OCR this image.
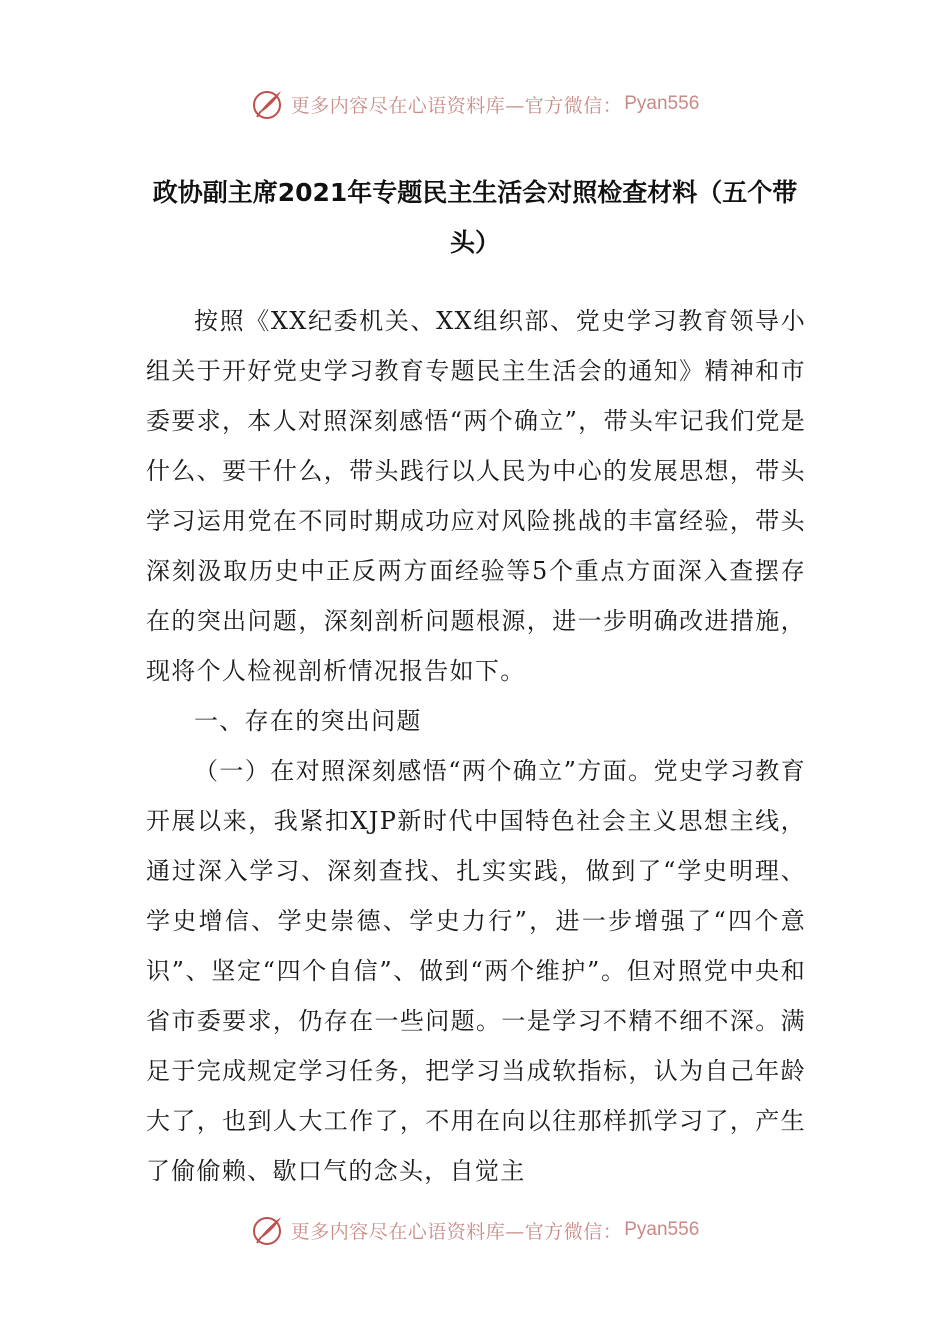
更多内容尽在心语资料库—官方微信： Pyan556
政协副主席2021年专题民主生活会对照检查材料（五个带头）

按照《XX纪委机关、XX组织部、党史学习教育领导小组关于开好党史学习教育专题民主生活会的通知》精神和市委要求，本人对照深刻感悟“两个确立”，带头牢记我们党是什么、要干什么，带头践行以人民为中心的发展思想，带头学习运用党在不同时期成功应对风险挑战的丰富经验，带头深刻汲取历史中正反两方面经验等5个重点方面深入查摆存在的突出问题，深刻剖析问题根源，进一步明确改进措施，现将个人检视剖析情况报告如下。

一、存在的突出问题

（一）在对照深刻感悟“两个确立”方面。党史学习教育开展以来，我紧扣XJP新时代中国特色社会主义思想主线，通过深入学习、深刻查找、扎实实践，做到了“学史明理、学史增信、学史崇德、学史力行”，进一步增强了“四个意识”、坚定“四个自信”、做到“两个维护”。但对照党中央和省市委要求，仍存在一些问题。一是学习不精不细不深。满足于完成规定学习任务，把学习当成软指标，认为自己年龄大了，也到人大工作了，不用在向以往那样抓学习了，产生了偷偷赖、歇口气的念头，自觉主

更多内容尽在心语资料库—官方微信： Pyan556
